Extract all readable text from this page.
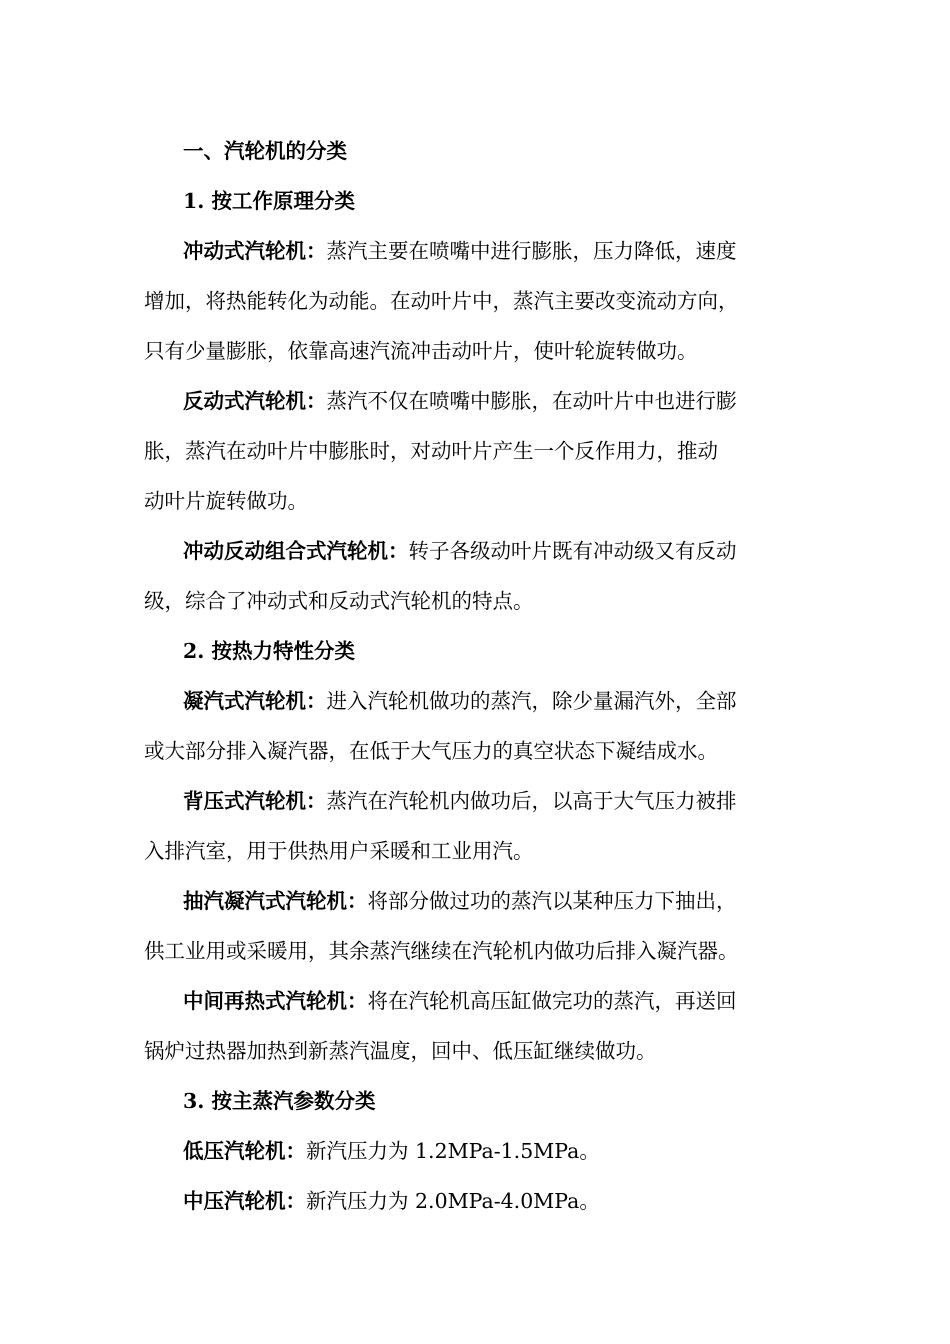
一、汽轮机的分类
1. 按工作原理分类
冲动式汽轮机：蒸汽主要在喷嘴中进行膨胀，压力降低，速度
增加，将热能转化为动能。在动叶片中，蒸汽主要改变流动方向，
只有少量膨胀，依靠高速汽流冲击动叶片，使叶轮旋转做功。
反动式汽轮机：蒸汽不仅在喷嘴中膨胀，在动叶片中也进行膨
胀，蒸汽在动叶片中膨胀时，对动叶片产生一个反作用力，推动
动叶片旋转做功。
冲动反动组合式汽轮机：转子各级动叶片既有冲动级又有反动
级，综合了冲动式和反动式汽轮机的特点。
2. 按热力特性分类
凝汽式汽轮机：进入汽轮机做功的蒸汽，除少量漏汽外，全部
或大部分排入凝汽器，在低于大气压力的真空状态下凝结成水。
背压式汽轮机：蒸汽在汽轮机内做功后，以高于大气压力被排
入排汽室，用于供热用户采暖和工业用汽。
抽汽凝汽式汽轮机：将部分做过功的蒸汽以某种压力下抽出，
供工业用或采暖用，其余蒸汽继续在汽轮机内做功后排入凝汽器。
中间再热式汽轮机：将在汽轮机高压缸做完功的蒸汽，再送回
锅炉过热器加热到新蒸汽温度，回中、低压缸继续做功。
3. 按主蒸汽参数分类
低压汽轮机：新汽压力为 1.2MPa-1.5MPa。
中压汽轮机：新汽压力为 2.0MPa-4.0MPa。
